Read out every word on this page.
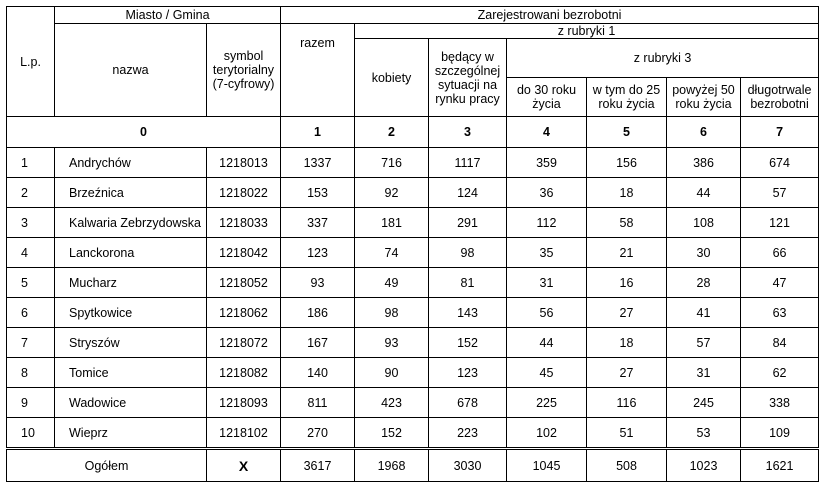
L.p.	Miasto / Gmina		Zarejestrowani bezrobotni						
	nazwa	symbol terytorialny (7-cyfrowy)	razem	z rubryki 1					
				kobiety	będący w szczególnej sytuacji na rynku pracy	z rubryki 3			
						do 30 roku życia	w tym do 25 roku życia	powyżej 50 roku życia	długotrwale bezrobotni
0			1	2	3	4	5	6	7
1	Andrychów	1218013	1337	716	1117	359	156	386	674
2	Brzeźnica	1218022	153	92	124	36	18	44	57
3	Kalwaria Zebrzydowska	1218033	337	181	291	112	58	108	121
4	Lanckorona	1218042	123	74	98	35	21	30	66
5	Mucharz	1218052	93	49	81	31	16	28	47
6	Spytkowice	1218062	186	98	143	56	27	41	63
7	Stryszów	1218072	167	93	152	44	18	57	84
8	Tomice	1218082	140	90	123	45	27	31	62
9	Wadowice	1218093	811	423	678	225	116	245	338
10	Wieprz	1218102	270	152	223	102	51	53	109
Ogółem		X	3617	1968	3030	1045	508	1023	1621
